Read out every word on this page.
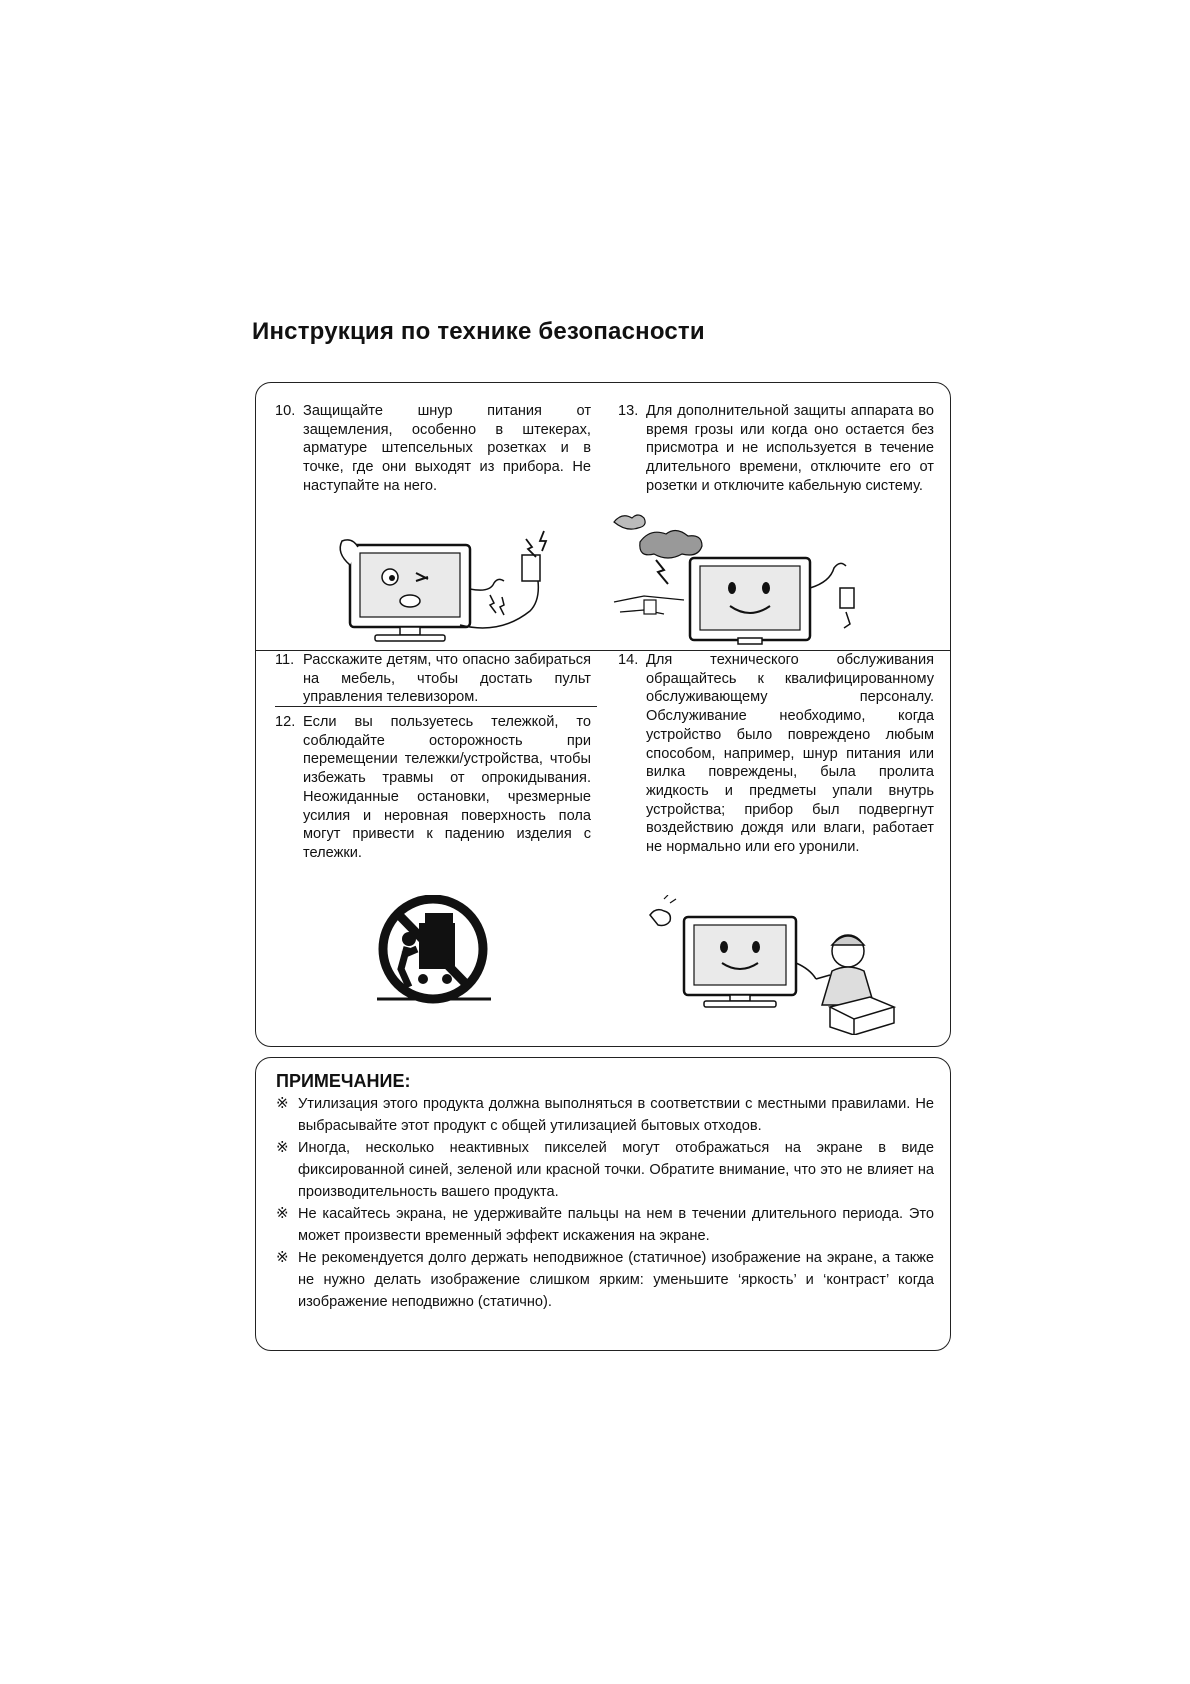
Инструкция по технике безопасности
10. Защищайте шнур питания от защемления, особенно в штекерах, арматуре штепсельных розетках и в точке, где они выходят из прибора. Не наступайте на него.
13. Для дополнительной защиты аппарата во время грозы или когда оно остается без присмотра и не используется в течение длительного времени, отключите его от розетки и отключите кабельную систему.
11. Расскажите детям, что опасно забираться на мебель, чтобы достать пульт управления телевизором.
12. Если вы пользуетесь тележкой, то соблюдайте осторожность при перемещении тележки/устройства, чтобы избежать травмы от опрокидывания. Неожиданные остановки, чрезмерные усилия и неровная поверхность пола могут привести к падению изделия с тележки.
14. Для технического обслуживания обращайтесь к квалифицированному обслуживающему персоналу. Обслуживание необходимо, когда устройство было повреждено любым способом, например, шнур питания или вилка повреждены, была пролита жидкость и предметы упали внутрь устройства; прибор был подвергнут воздействию дождя или влаги, работает не нормально или его уронили.
ПРИМЕЧАНИЕ:
※ Утилизация этого продукта должна выполняться в соответствии с местными правилами. Не выбрасывайте этот продукт с общей утилизацией бытовых отходов.
※ Иногда, несколько неактивных пикселей могут отображаться на экране в виде фиксированной синей, зеленой или красной точки. Обратите внимание, что это не влияет на производительность вашего продукта.
※ Не касайтесь экрана, не удерживайте пальцы на нем в течении длительного периода. Это может произвести временный эффект искажения на экране.
※ Не рекомендуется долго держать неподвижное (статичное) изображение на экране, а также не нужно делать изображение слишком ярким: уменьшите ‘яркость’ и ‘контраст’ когда изображение неподвижно (статично).
